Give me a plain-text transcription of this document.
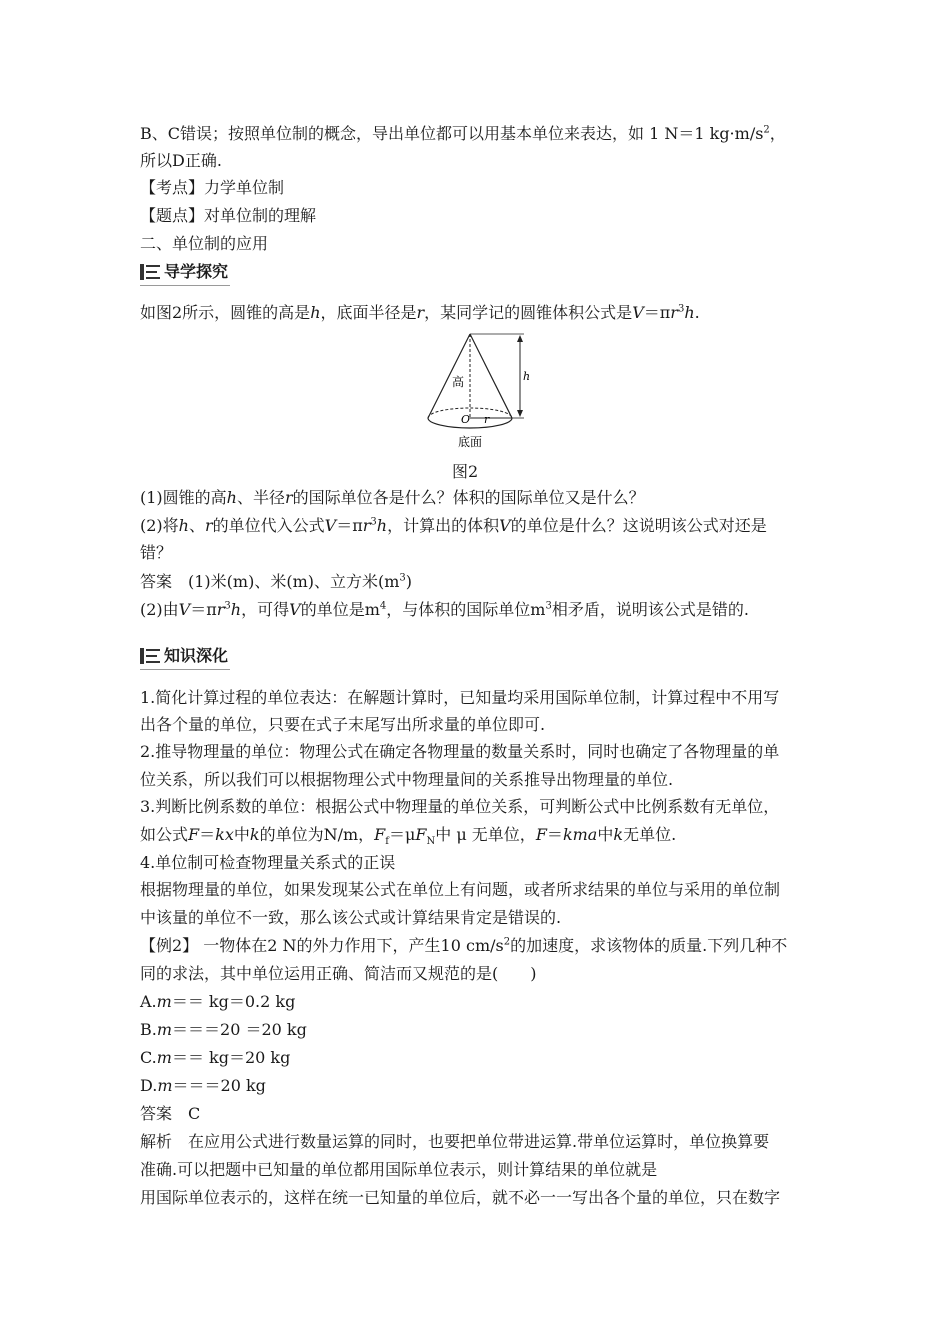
B、C错误；按照单位制的概念，导出单位都可以用基本单位来表达，如 1 N＝1 $kg\cdot m/s^2$，
所以D正确.
【考点】力学单位制
【题点】对单位制的理解
二、单位制的应用
导学探究
如图2所示，圆锥的高是h，底面半径是r，某同学记的圆锥体积公式是$V=\pi r^3h$.
高	h
O r
底面
图2
(1)圆锥的高h、半径r的国际单位各是什么？体积的国际单位又是什么？
(2)将h、r的单位代入公式$V=\pi r^3h$，计算出的体积V的单位是什么？这说明该公式对还是
错？
答案　(1)米(m)、米(m)、立方米$(m^3)$
(2)由$V=\pi r^3h$，可得V的单位是$m^4$，与体积的国际单位$m^3$相矛盾，说明该公式是错的.
知识深化
1.简化计算过程的单位表达：在解题计算时，已知量均采用国际单位制，计算过程中不用写
出各个量的单位，只要在式子末尾写出所求量的单位即可.
2.推导物理量的单位：物理公式在确定各物理量的数量关系时，同时也确定了各物理量的单
位关系，所以我们可以根据物理公式中物理量间的关系推导出物理量的单位.
3.判断比例系数的单位：根据公式中物理量的单位关系，可判断公式中比例系数有无单位，
如公式F＝kx中k的单位为N/m，$F_f=\mu F_N$中 μ 无单位，F＝kma中k无单位.
4.单位制可检查物理量关系式的正误
根据物理量的单位，如果发现某公式在单位上有问题，或者所求结果的单位与采用的单位制
中该量的单位不一致，那么该公式或计算结果肯定是错误的.
【例2】 一物体在2 N的外力作用下，产生10 $cm/s^2$的加速度，求该物体的质量.下列几种不
同的求法，其中单位运用正确、简洁而又规范的是(　　)
A.m＝＝ kg＝0.2 kg
B.m＝＝＝20 ＝20 kg
C.m＝＝ kg＝20 kg
D.m＝＝＝20 kg
答案　C
解析　在应用公式进行数量运算的同时，也要把单位带进运算.带单位运算时，单位换算要
准确.可以把题中已知量的单位都用国际单位表示，则计算结果的单位就是
用国际单位表示的，这样在统一已知量的单位后，就不必一一写出各个量的单位，只在数字
